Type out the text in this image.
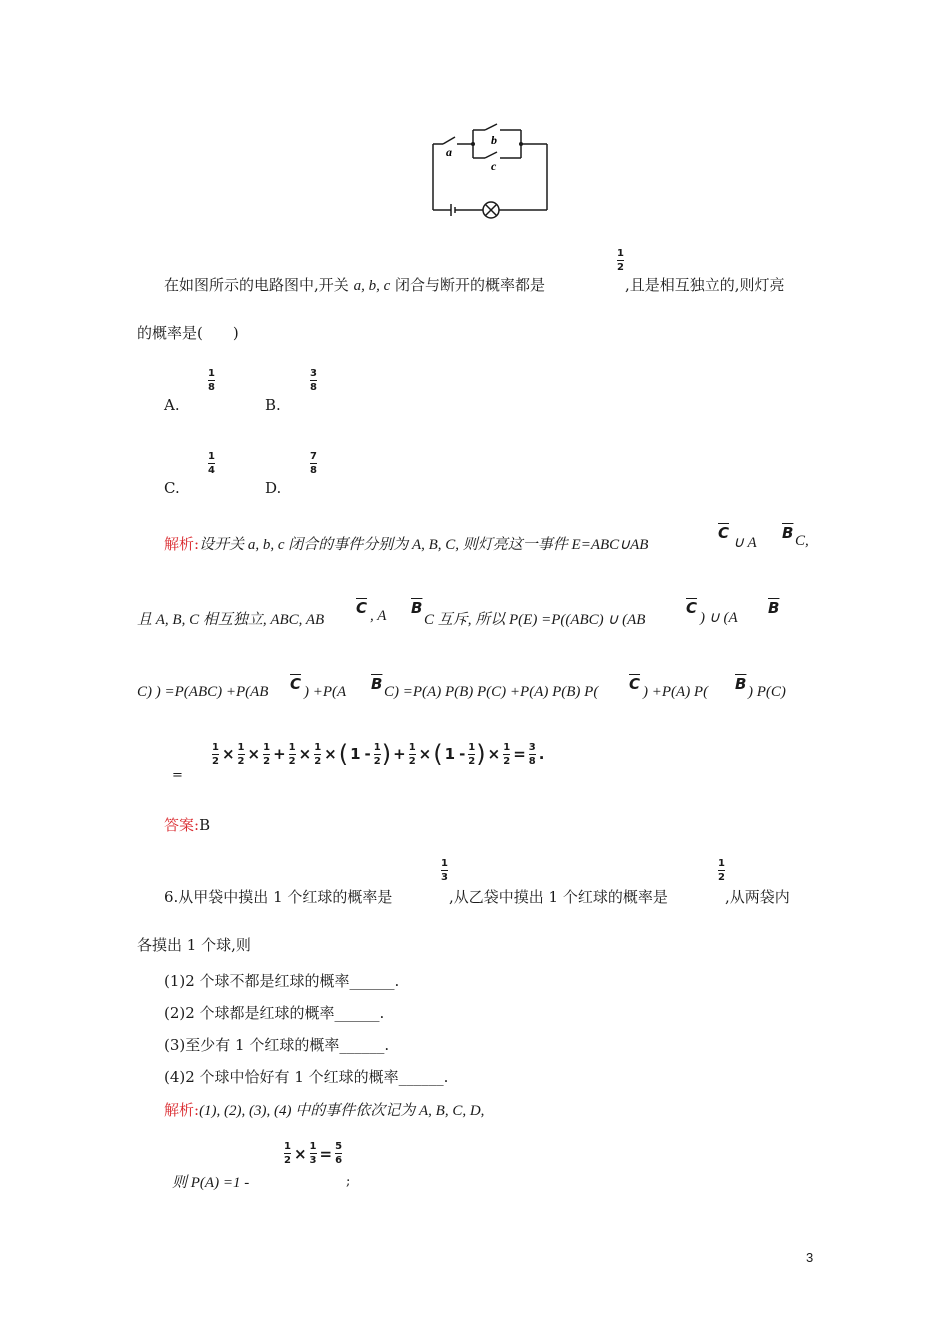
a
b
c
在如图所示的电路图中,开关 a, b, c 闭合与断开的概率都是
1
2
,且是相互独立的,则灯亮
的概率是(　　)
A.
1
8
B.
3
8
C.
1
4
D.
7
8
解析:设开关 a, b, c 闭合的事件分别为 A, B, C, 则灯亮这一事件 E=ABC∪AB
$\overline{C}$
∪ A
$\overline{B}$ C,
且 A, B, C 相互独立, ABC, AB
$\overline{C}$ , A $\overline{B}$
C 互斥, 所以 P(E) =P((ABC) ∪ (AB
$\overline{C}$
) ∪ (A
$\overline{B}$
C) ) =P(ABC) +P(AB $\overline{C}$ ) +P(A $\overline{B}$ C) =P(A) P(B) P(C) +P(A) P(B) P( $\overline{C}$ ) +P(A) P( $\overline{B}$ ) P(C)
=
$\frac{1}{2} \times \frac{1}{2} \times \frac{1}{2} + \frac{1}{2} \times \frac{1}{2}$ ×( $1 - \frac{1}{2}$ ) + $\frac{1}{2}$ ×( $1 - \frac{1}{2}$ ) × $\frac{1}{2} = \frac{3}{8}$ .
答案:B
6.从甲袋中摸出 1 个红球的概率是
1
3
,从乙袋中摸出 1 个红球的概率是
1
2
,从两袋内
各摸出 1 个球,则
(1)2 个球不都是红球的概率______.
(2)2 个球都是红球的概率______.
(3)至少有 1 个红球的概率______.
(4)2 个球中恰好有 1 个红球的概率______.
解析:(1), (2), (3), (4) 中的事件依次记为 A, B, C, D,
则 P(A) =1 -
$\frac{1}{2} \times \frac{1}{3} = \frac{5}{6}$
;
3
